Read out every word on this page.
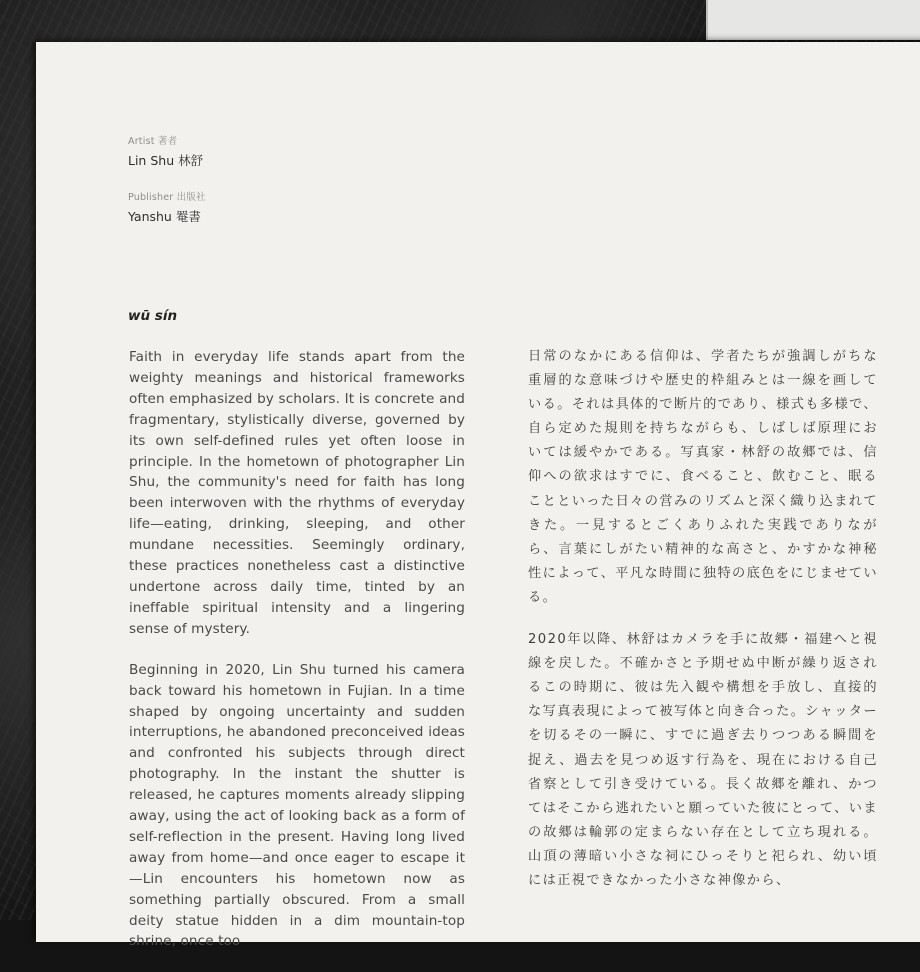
Artist 著者
Lin Shu 林舒
Publisher 出版社
Yanshu 罨書
wū sín

Faith in everyday life stands apart from the weighty meanings and historical frameworks often emphasized by scholars. It is concrete and fragmentary, stylistically diverse, governed by its own self-defined rules yet often loose in principle. In the hometown of photographer Lin Shu, the community's need for faith has long been interwoven with the rhythms of everyday life—eating, drinking, sleeping, and other mundane necessities. Seemingly ordinary, these practices nonetheless cast a distinctive undertone across daily time, tinted by an ineffable spiritual intensity and a lingering sense of mystery.

Beginning in 2020, Lin Shu turned his camera back toward his hometown in Fujian. In a time shaped by ongoing uncertainty and sudden interruptions, he abandoned preconceived ideas and confronted his subjects through direct photography. In the instant the shutter is released, he captures moments already slipping away, using the act of looking back as a form of self-reflection in the present. Having long lived away from home—and once eager to escape it—Lin encounters his hometown now as something partially obscured. From a small deity statue hidden in a dim mountain-top shrine, once too

日常のなかにある信仰は、学者たちが強調しがちな重層的な意味づけや歴史的枠組みとは一線を画している。それは具体的で断片的であり、様式も多様で、自ら定めた規則を持ちながらも、しばしば原理においては緩やかである。写真家・林舒の故郷では、信仰への欲求はすでに、食べること、飲むこと、眠ることといった日々の営みのリズムと深く織り込まれてきた。一見するとごくありふれた実践でありながら、言葉にしがたい精神的な高さと、かすかな神秘性によって、平凡な時間に独特の底色をにじませている。

2020年以降、林舒はカメラを手に故郷・福建へと視線を戻した。不確かさと予期せぬ中断が繰り返されるこの時期に、彼は先入観や構想を手放し、直接的な写真表現によって被写体と向き合った。シャッターを切るその一瞬に、すでに過ぎ去りつつある瞬間を捉え、過去を見つめ返す行為を、現在における自己省察として引き受けている。長く故郷を離れ、かつてはそこから逃れたいと願っていた彼にとって、いまの故郷は輪郭の定まらない存在として立ち現れる。山頂の薄暗い小さな祠にひっそりと祀られ、幼い頃には正視できなかった小さな神像から、
